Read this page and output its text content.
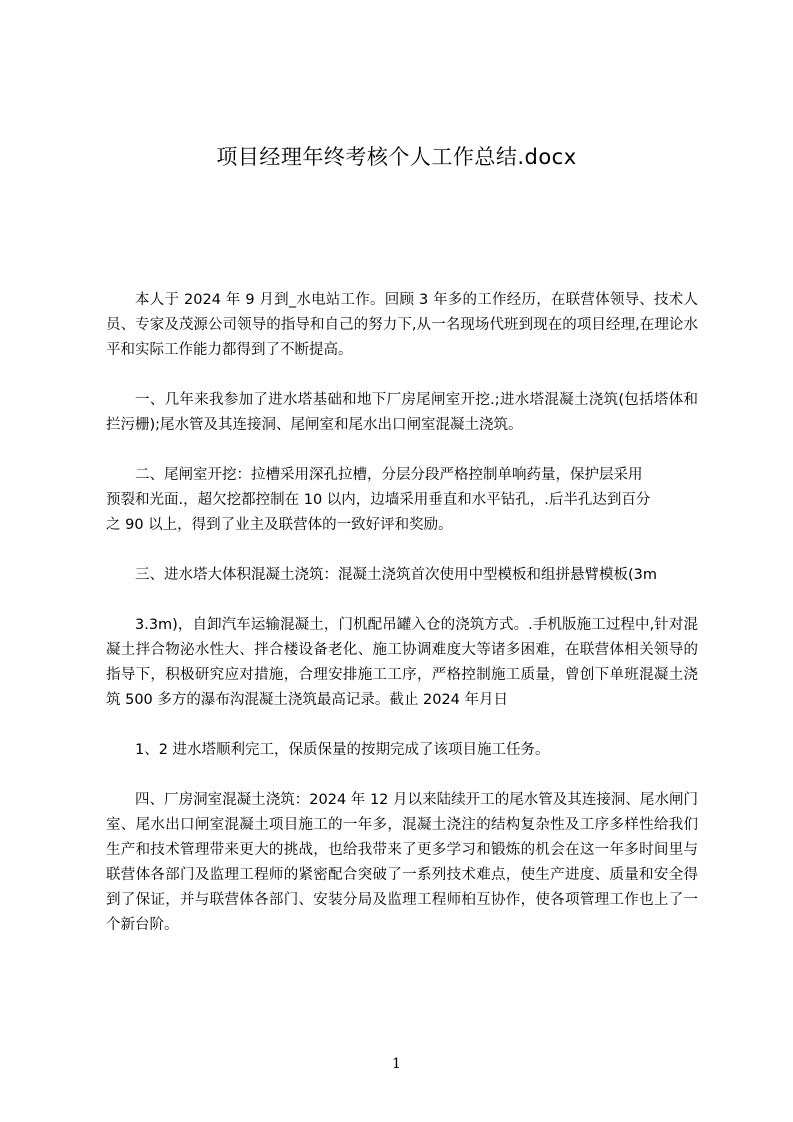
项目经理年终考核个人工作总结.docx

本人于 2024 年 9 月到_水电站工作。回顾 3 年多的工作经历，在联营体领导、技术人员、专家及茂源公司领导的指导和自己的努力下,从一名现场代班到现在的项目经理,在理论水平和实际工作能力都得到了不断提高。

一、几年来我参加了进水塔基础和地下厂房尾闸室开挖.;进水塔混凝土浇筑(包括塔体和拦污栅);尾水管及其连接洞、尾闸室和尾水出口闸室混凝土浇筑。

二、尾闸室开挖：拉槽采用深孔拉槽，分层分段严格控制单响药量，保护层采用
预裂和光面.，超欠挖都控制在 10 以内，边墙采用垂直和水平钻孔，.后半孔达到百分
之 90 以上，得到了业主及联营体的一致好评和奖励。

三、进水塔大体积混凝土浇筑：混凝土浇筑首次使用中型模板和组拼悬臂模板(3m

3.3m)，自卸汽车运输混凝土，门机配吊罐入仓的浇筑方式。.手机版施工过程中,针对混凝土拌合物泌水性大、拌合楼设备老化、施工协调难度大等诸多困难，在联营体相关领导的指导下，积极研究应对措施，合理安排施工工序，严格控制施工质量，曾创下单班混凝土浇筑 500 多方的瀑布沟混凝土浇筑最高记录。截止 2024 年月日

1、2 进水塔顺利完工，保质保量的按期完成了该项目施工任务。

四、厂房洞室混凝土浇筑：2024 年 12 月以来陆续开工的尾水管及其连接洞、尾水闸门室、尾水出口闸室混凝土项目施工的一年多，混凝土浇注的结构复杂性及工序多样性给我们生产和技术管理带来更大的挑战，也给我带来了更多学习和锻炼的机会在这一年多时间里与联营体各部门及监理工程师的紧密配合突破了一系列技术难点，使生产进度、质量和安全得到了保证，并与联营体各部门、安装分局及监理工程师桕互协作，使各项管理工作也上了一个新台阶。

1
